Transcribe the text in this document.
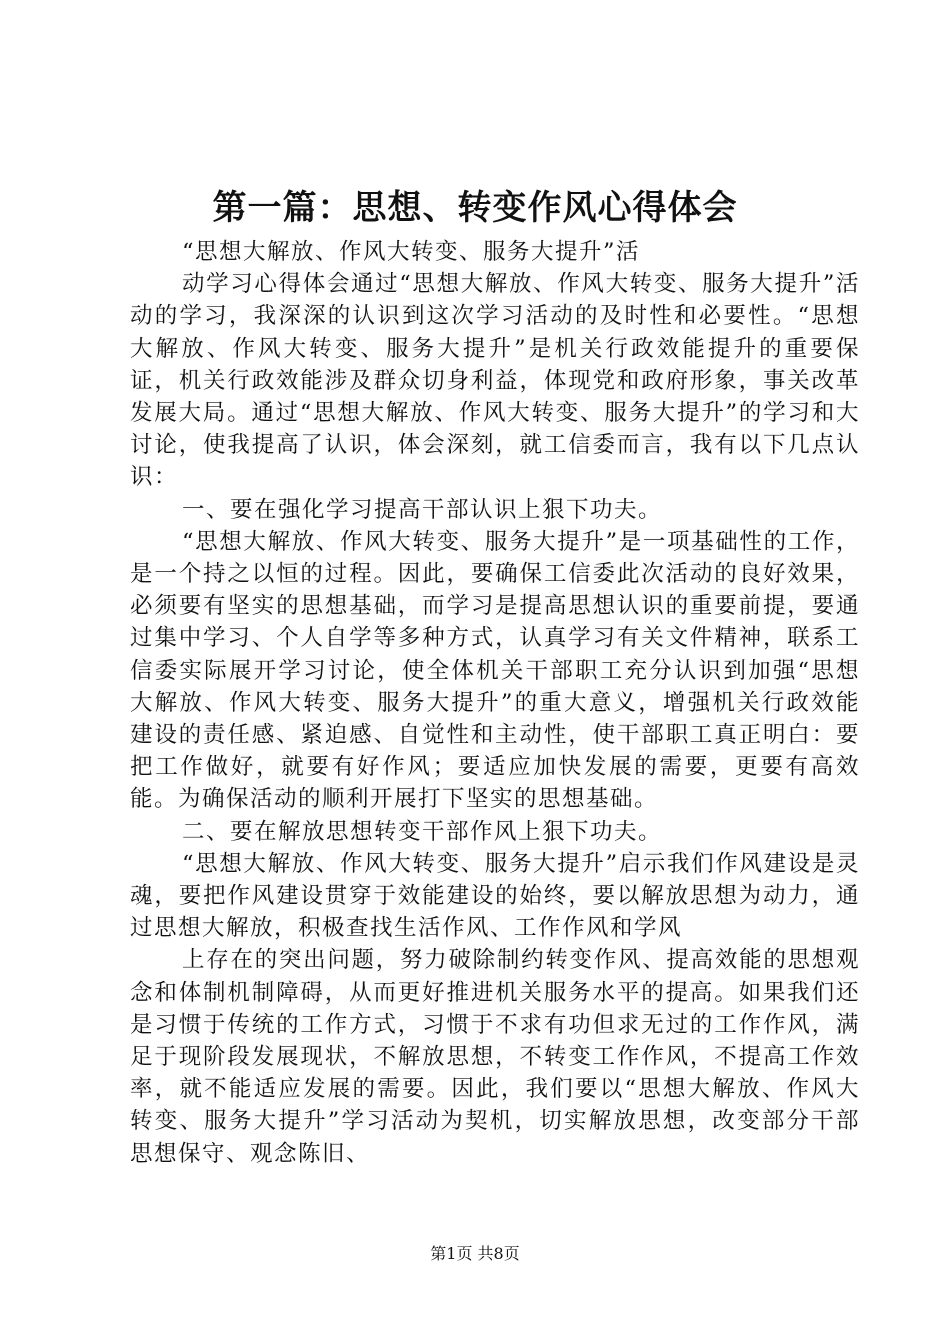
第一篇：思想、转变作风心得体会

“思想大解放、作风大转变、服务大提升”活

动学习心得体会通过“思想大解放、作风大转变、服务大提升”活动的学习，我深深的认识到这次学习活动的及时性和必要性。“思想大解放、作风大转变、服务大提升”是机关行政效能提升的重要保证，机关行政效能涉及群众切身利益，体现党和政府形象，事关改革发展大局。通过“思想大解放、作风大转变、服务大提升”的学习和大讨论，使我提高了认识，体会深刻，就工信委而言，我有以下几点认识：

一、要在强化学习提高干部认识上狠下功夫。

“思想大解放、作风大转变、服务大提升”是一项基础性的工作，是一个持之以恒的过程。因此，要确保工信委此次活动的良好效果，必须要有坚实的思想基础，而学习是提高思想认识的重要前提，要通过集中学习、个人自学等多种方式，认真学习有关文件精神，联系工信委实际展开学习讨论，使全体机关干部职工充分认识到加强“思想大解放、作风大转变、服务大提升”的重大意义，增强机关行政效能建设的责任感、紧迫感、自觉性和主动性，使干部职工真正明白：要把工作做好，就要有好作风；要适应加快发展的需要，更要有高效能。为确保活动的顺利开展打下坚实的思想基础。

二、要在解放思想转变干部作风上狠下功夫。

“思想大解放、作风大转变、服务大提升”启示我们作风建设是灵魂，要把作风建设贯穿于效能建设的始终，要以解放思想为动力，通过思想大解放，积极查找生活作风、工作作风和学风

上存在的突出问题，努力破除制约转变作风、提高效能的思想观念和体制机制障碍，从而更好推进机关服务水平的提高。如果我们还是习惯于传统的工作方式，习惯于不求有功但求无过的工作作风，满足于现阶段发展现状，不解放思想，不转变工作作风，不提高工作效率，就不能适应发展的需要。因此，我们要以“思想大解放、作风大转变、服务大提升”学习活动为契机，切实解放思想，改变部分干部思想保守、观念陈旧、

第1页 共8页
